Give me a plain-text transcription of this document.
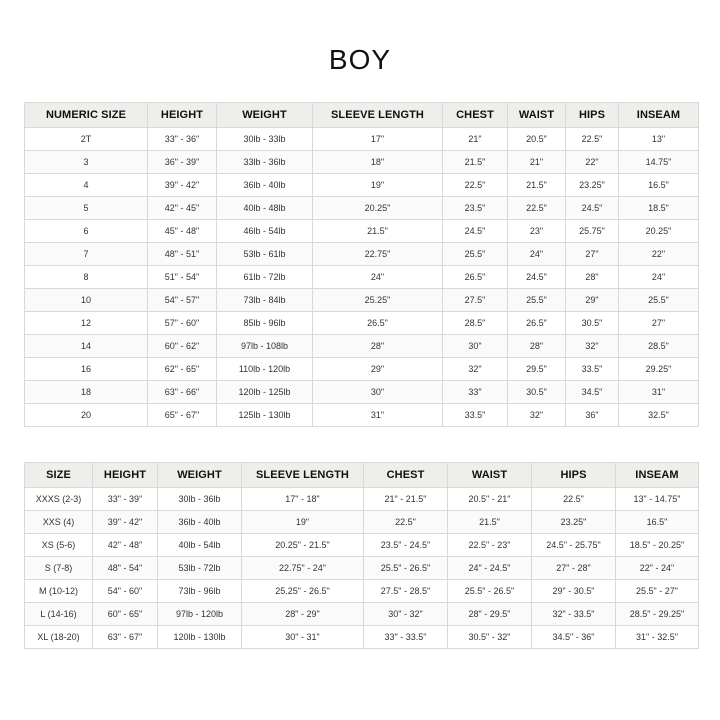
BOY
NUMERIC SIZE	HEIGHT	WEIGHT	SLEEVE LENGTH	CHEST	WAIST	HIPS	INSEAM
2T	33" - 36"	30lb - 33lb	17"	21"	20.5"	22.5"	13"
3	36" - 39"	33lb - 36lb	18"	21.5"	21"	22"	14.75"
4	39" - 42"	36lb - 40lb	19"	22.5"	21.5"	23.25"	16.5"
5	42" - 45"	40lb - 48lb	20.25"	23.5"	22.5"	24.5"	18.5"
6	45" - 48"	46lb - 54lb	21.5"	24.5"	23"	25.75"	20.25"
7	48" - 51"	53lb - 61lb	22.75"	25.5"	24"	27"	22"
8	51" - 54"	61lb - 72lb	24"	26.5"	24.5"	28"	24"
10	54" - 57"	73lb - 84lb	25.25"	27.5"	25.5"	29"	25.5"
12	57" - 60"	85lb - 96lb	26.5"	28.5"	26.5"	30.5"	27"
14	60" - 62"	97lb - 108lb	28"	30"	28"	32"	28.5"
16	62" - 65"	110lb - 120lb	29"	32"	29.5"	33.5"	29.25"
18	63" - 66"	120lb - 125lb	30"	33"	30.5"	34.5"	31"
20	65" - 67"	125lb - 130lb	31"	33.5"	32"	36"	32.5"
SIZE	HEIGHT	WEIGHT	SLEEVE LENGTH	CHEST	WAIST	HIPS	INSEAM
XXXS (2-3)	33" - 39"	30lb - 36lb	17" - 18"	21" - 21.5"	20.5" - 21"	22.5"	13" - 14.75"
XXS (4)	39" - 42"	36lb - 40lb	19"	22.5"	21.5"	23.25"	16.5"
XS (5-6)	42" - 48"	40lb - 54lb	20.25" - 21.5"	23.5" - 24.5"	22.5" - 23"	24.5" - 25.75"	18.5" - 20.25"
S (7-8)	48" - 54"	53lb - 72lb	22.75" - 24"	25.5" - 26.5"	24" - 24.5"	27" - 28"	22" - 24"
M (10-12)	54" - 60"	73lb - 96lb	25.25" - 26.5"	27.5" - 28.5"	25.5" - 26.5"	29" - 30.5"	25.5" - 27"
L (14-16)	60" - 65"	97lb - 120lb	28" - 29"	30" - 32"	28" - 29.5"	32" - 33.5"	28.5" - 29.25"
XL (18-20)	63" - 67"	120lb - 130lb	30" - 31"	33" - 33.5"	30.5" - 32"	34.5" - 36"	31" - 32.5"
